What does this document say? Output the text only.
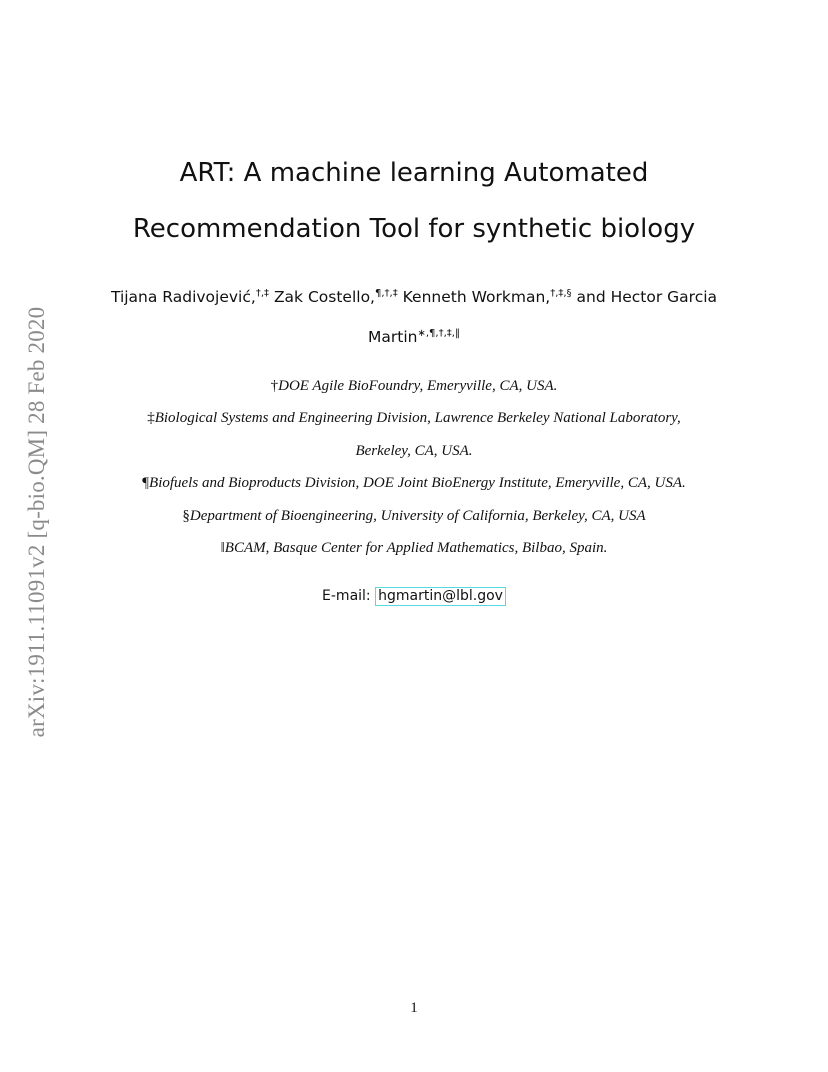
arXiv:1911.11091v2 [q-bio.QM] 28 Feb 2020
ART: A machine learning Automated
Recommendation Tool for synthetic biology
Tijana Radivojević,†,‡ Zak Costello,¶,†,‡ Kenneth Workman,†,‡,§ and Hector Garcia
Martin∗,¶,†,‡,‖
†DOE Agile BioFoundry, Emeryville, CA, USA.
‡Biological Systems and Engineering Division, Lawrence Berkeley National Laboratory,
Berkeley, CA, USA.
¶Biofuels and Bioproducts Division, DOE Joint BioEnergy Institute, Emeryville, CA, USA.
§Department of Bioengineering, University of California, Berkeley, CA, USA
‖BCAM, Basque Center for Applied Mathematics, Bilbao, Spain.
E-mail: hgmartin@lbl.gov
1
